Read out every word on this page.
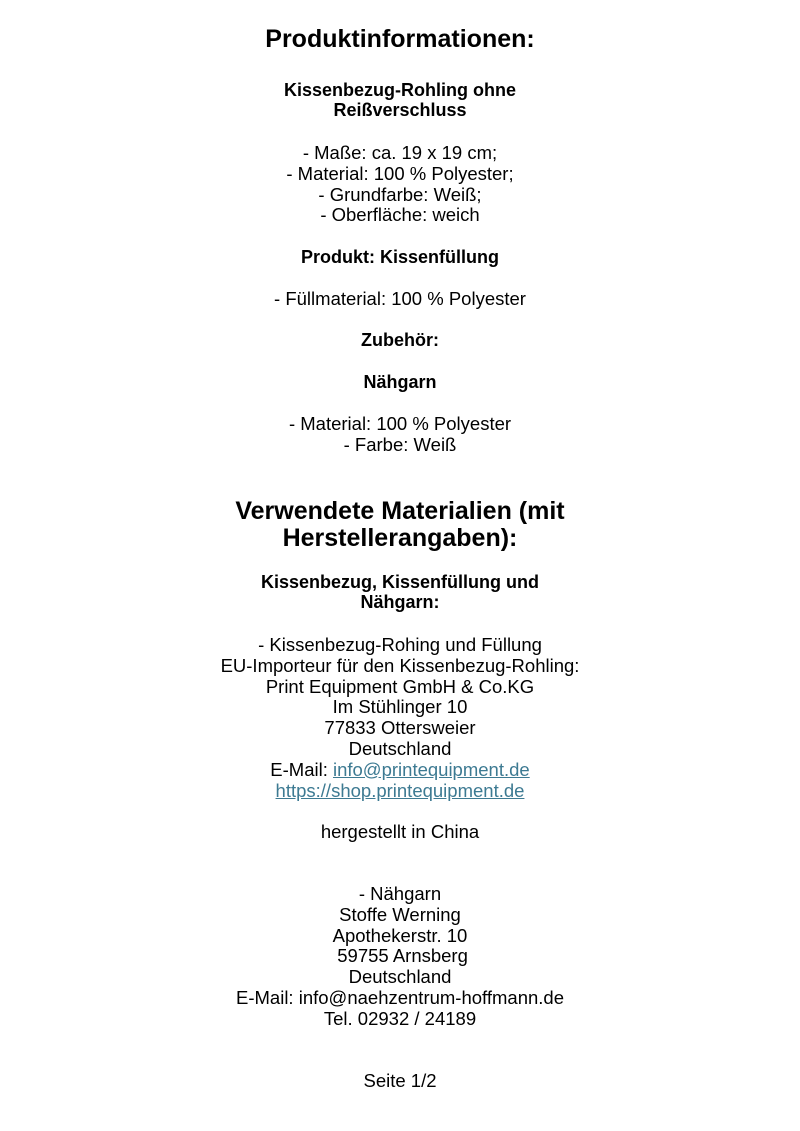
Produktinformationen:

Kissenbezug-Rohling ohne

Reißverschluss

- Maße: ca. 19 x 19 cm;

- Material: 100 % Polyester;

- Grundfarbe: Weiß;

- Oberfläche: weich

Produkt: Kissenfüllung

- Füllmaterial: 100 % Polyester

Zubehör:

Nähgarn

- Material: 100 % Polyester

- Farbe: Weiß

Verwendete Materialien (mit
Herstellerangaben):

Kissenbezug, Kissenfüllung und

Nähgarn:

- Kissenbezug-Rohing und Füllung

EU-Importeur für den Kissenbezug-Rohling:

Print Equipment GmbH & Co.KG

Im Stühlinger 10

77833 Ottersweier

Deutschland

E-Mail: info@printequipment.de

https://shop.printequipment.de

hergestellt in China

- Nähgarn

Stoffe Werning

Apothekerstr. 10

59755 Arnsberg

Deutschland

E-Mail: info@naehzentrum-hoffmann.de

Tel. 02932 / 24189

Seite 1/2
